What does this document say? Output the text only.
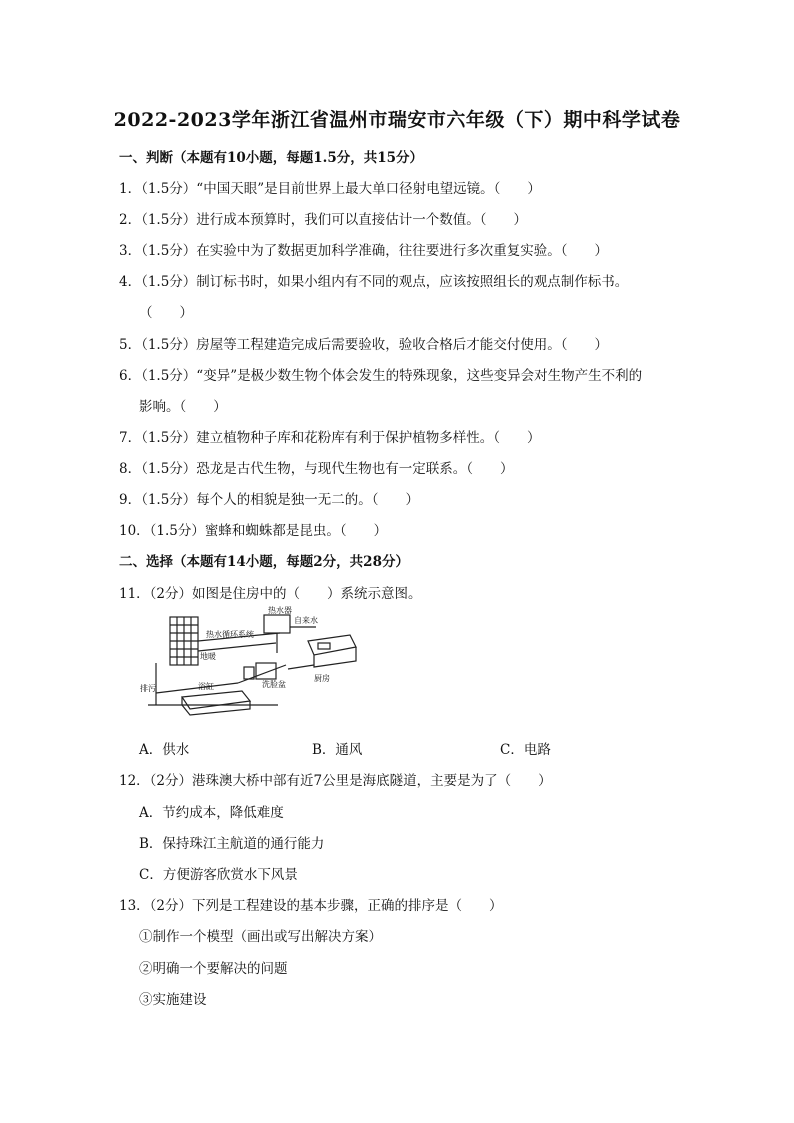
2022-2023学年浙江省温州市瑞安市六年级（下）期中科学试卷
一、判断（本题有10小题，每题1.5分，共15分）
1．（1.5分）“中国天眼”是目前世界上最大单口径射电望远镜。（　　）
2．（1.5分）进行成本预算时，我们可以直接估计一个数值。（　　）
3．（1.5分）在实验中为了数据更加科学准确，往往要进行多次重复实验。（　　）
4．（1.5分）制订标书时，如果小组内有不同的观点，应该按照组长的观点制作标书。
（　　）
5．（1.5分）房屋等工程建造完成后需要验收，验收合格后才能交付使用。（　　）
6．（1.5分）“变异”是极少数生物个体会发生的特殊现象，这些变异会对生物产生不利的
影响。（　　）
7．（1.5分）建立植物种子库和花粉库有利于保护植物多样性。（　　）
8．（1.5分）恐龙是古代生物，与现代生物也有一定联系。（　　）
9．（1.5分）每个人的相貌是独一无二的。（　　）
10．（1.5分）蜜蜂和蜘蛛都是昆虫。（　　）
二、选择（本题有14小题，每题2分，共28分）
11．（2分）如图是住房中的（　　）系统示意图。
热水器
热水循环系统
自来水
地暖
洗脸盆
排污	浴缸
厨房
A．供水	B．通风	C．电路
12．（2分）港珠澳大桥中部有近7公里是海底隧道，主要是为了（　　）
A．节约成本，降低难度
B．保持珠江主航道的通行能力
C．方便游客欣赏水下风景
13．（2分）下列是工程建设的基本步骤，正确的排序是（　　）
①制作一个模型（画出或写出解决方案）
②明确一个要解决的问题
③实施建设
